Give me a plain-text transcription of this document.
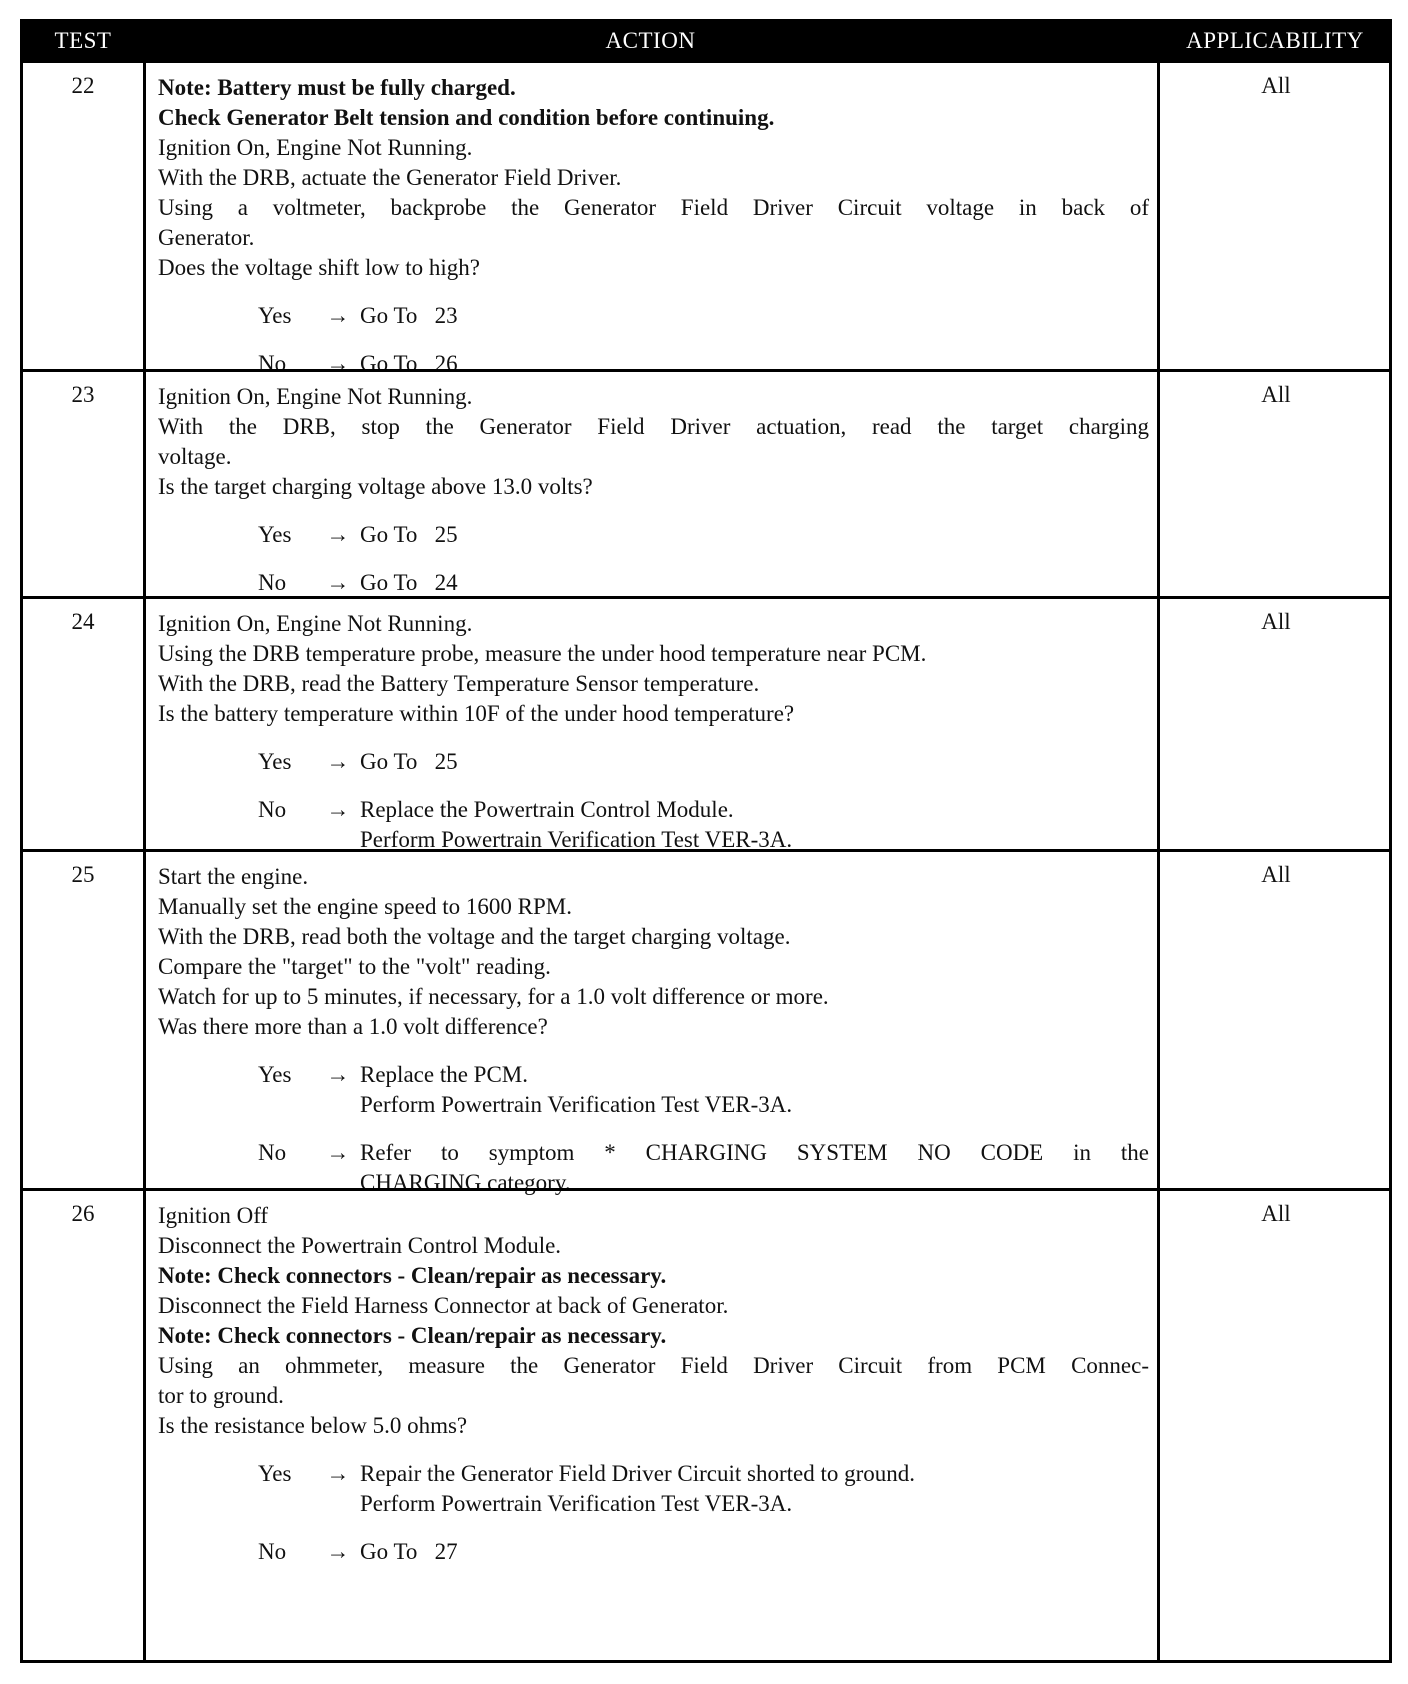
TEST	ACTION	APPLICABILITY
22	Note: Battery must be fully charged.
Check Generator Belt tension and condition before continuing.
Ignition On, Engine Not Running.
With the DRB, actuate the Generator Field Driver.
Using a voltmeter, backprobe the Generator Field Driver Circuit voltage in back of
Generator.
Does the voltage shift low to high?
Yes	→ Go To   23
No	→ Go To   26
All
23	Ignition On, Engine Not Running.
With the DRB, stop the Generator Field Driver actuation, read the target charging
voltage.
Is the target charging voltage above 13.0 volts?
Yes	→ Go To   25
No	→ Go To   24
All
24	Ignition On, Engine Not Running.
Using the DRB temperature probe, measure the under hood temperature near PCM.
With the DRB, read the Battery Temperature Sensor temperature.
Is the battery temperature within 10F of the under hood temperature?
Yes	→ Go To   25
No	→ Replace the Powertrain Control Module.
Perform Powertrain Verification Test VER-3A.
All
25	Start the engine.
Manually set the engine speed to 1600 RPM.
With the DRB, read both the voltage and the target charging voltage.
Compare the "target" to the "volt" reading.
Watch for up to 5 minutes, if necessary, for a 1.0 volt difference or more.
Was there more than a 1.0 volt difference?
Yes	→ Replace the PCM.
Perform Powertrain Verification Test VER-3A.
No	→ Refer to symptom * CHARGING SYSTEM NO CODE in the
CHARGING category.
All
26	Ignition Off
Disconnect the Powertrain Control Module.
Note: Check connectors - Clean/repair as necessary.
Disconnect the Field Harness Connector at back of Generator.
Note: Check connectors - Clean/repair as necessary.
Using an ohmmeter, measure the Generator Field Driver Circuit from PCM Connec-
tor to ground.
Is the resistance below 5.0 ohms?
Yes	→ Repair the Generator Field Driver Circuit shorted to ground.
Perform Powertrain Verification Test VER-3A.
No	→ Go To   27
All
